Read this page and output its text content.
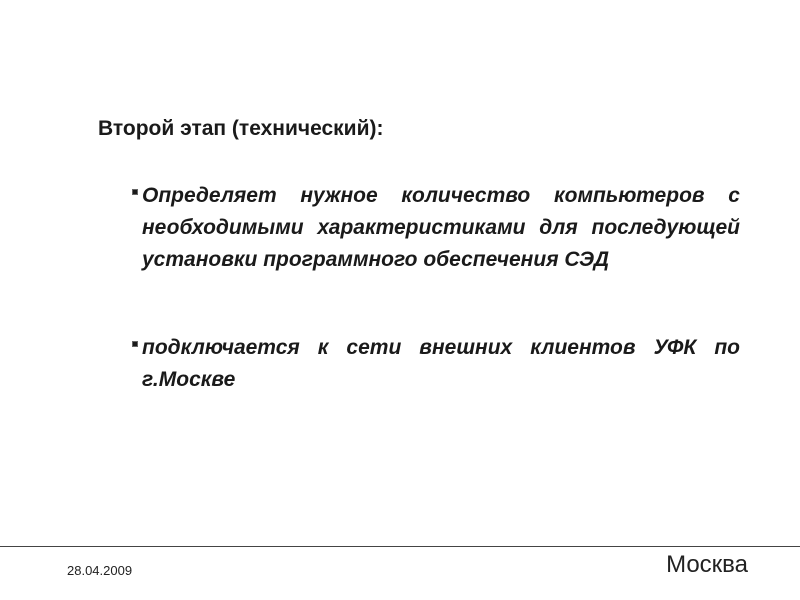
Второй этап (технический):
Определяет нужное количество компьютеров с необходимыми характеристиками для последующей установки программного обеспечения СЭД
подключается к сети внешних клиентов УФК по г.Москве
28.04.2009	Москва
